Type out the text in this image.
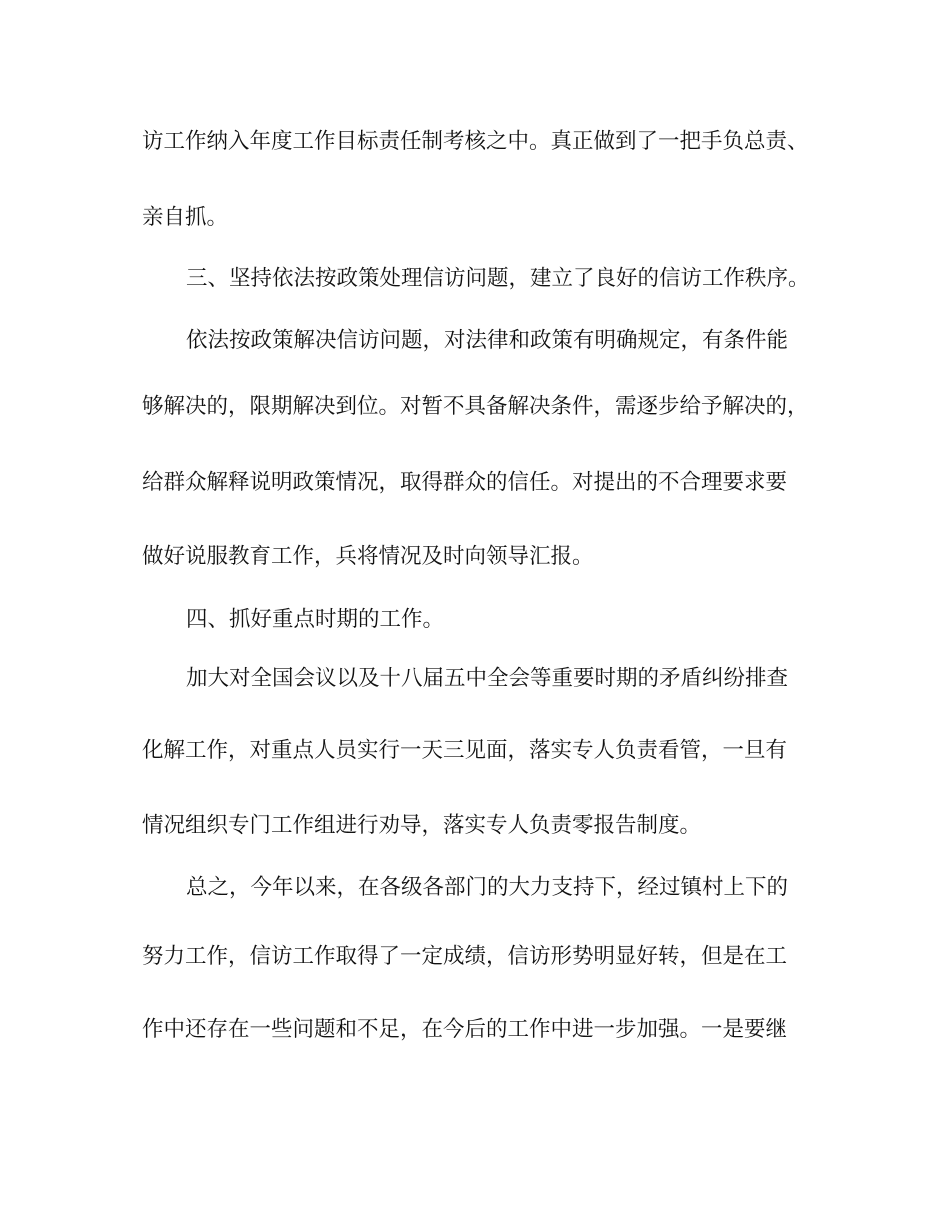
访工作纳入年度工作目标责任制考核之中。真正做到了一把手负总责、
亲自抓。
三、坚持依法按政策处理信访问题，建立了良好的信访工作秩序。
依法按政策解决信访问题，对法律和政策有明确规定，有条件能
够解决的，限期解决到位。对暂不具备解决条件，需逐步给予解决的，
给群众解释说明政策情况，取得群众的信任。对提出的不合理要求要
做好说服教育工作，兵将情况及时向领导汇报。
四、抓好重点时期的工作。
加大对全国会议以及十八届五中全会等重要时期的矛盾纠纷排查
化解工作，对重点人员实行一天三见面，落实专人负责看管，一旦有
情况组织专门工作组进行劝导，落实专人负责零报告制度。
总之，今年以来，在各级各部门的大力支持下，经过镇村上下的
努力工作，信访工作取得了一定成绩，信访形势明显好转，但是在工
作中还存在一些问题和不足，在今后的工作中进一步加强。一是要继
